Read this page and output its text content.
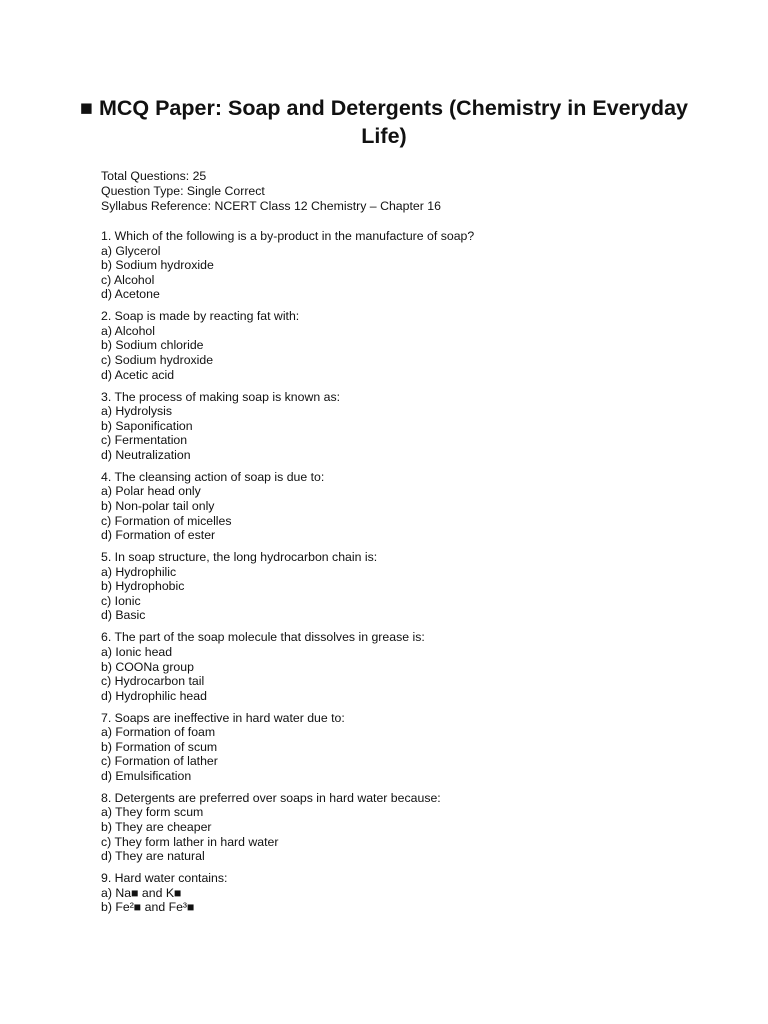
■ MCQ Paper: Soap and Detergents (Chemistry in Everyday Life)
Total Questions: 25
Question Type: Single Correct
Syllabus Reference: NCERT Class 12 Chemistry – Chapter 16
1. Which of the following is a by-product in the manufacture of soap?
a) Glycerol
b) Sodium hydroxide
c) Alcohol
d) Acetone
2. Soap is made by reacting fat with:
a) Alcohol
b) Sodium chloride
c) Sodium hydroxide
d) Acetic acid
3. The process of making soap is known as:
a) Hydrolysis
b) Saponification
c) Fermentation
d) Neutralization
4. The cleansing action of soap is due to:
a) Polar head only
b) Non-polar tail only
c) Formation of micelles
d) Formation of ester
5. In soap structure, the long hydrocarbon chain is:
a) Hydrophilic
b) Hydrophobic
c) Ionic
d) Basic
6. The part of the soap molecule that dissolves in grease is:
a) Ionic head
b) COONa group
c) Hydrocarbon tail
d) Hydrophilic head
7. Soaps are ineffective in hard water due to:
a) Formation of foam
b) Formation of scum
c) Formation of lather
d) Emulsification
8. Detergents are preferred over soaps in hard water because:
a) They form scum
b) They are cheaper
c) They form lather in hard water
d) They are natural
9. Hard water contains:
a) Na■ and K■
b) Fe²■ and Fe³■
